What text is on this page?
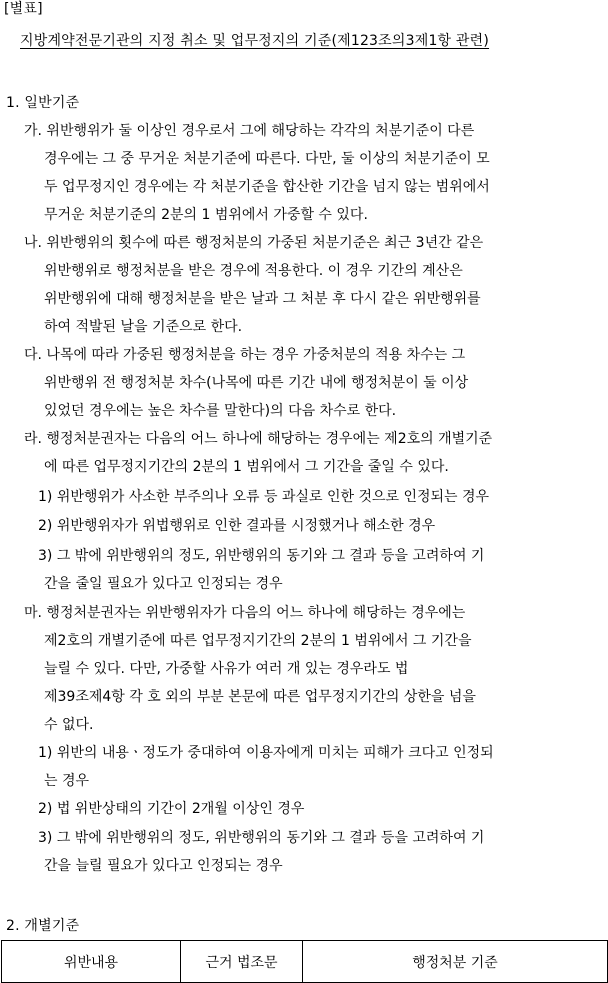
[별표]
지방계약전문기관의 지정 취소 및 업무정지의 기준(제123조의3제1항 관련)
1. 일반기준
가. 위반행위가 둘 이상인 경우로서 그에 해당하는 각각의 처분기준이 다른
경우에는 그 중 무거운 처분기준에 따른다. 다만, 둘 이상의 처분기준이 모
두 업무정지인 경우에는 각 처분기준을 합산한 기간을 넘지 않는 범위에서
무거운 처분기준의 2분의 1 범위에서 가중할 수 있다.
나. 위반행위의 횟수에 따른 행정처분의 가중된 처분기준은 최근 3년간 같은
위반행위로 행정처분을 받은 경우에 적용한다. 이 경우 기간의 계산은
위반행위에 대해 행정처분을 받은 날과 그 처분 후 다시 같은 위반행위를
하여 적발된 날을 기준으로 한다.
다. 나목에 따라 가중된 행정처분을 하는 경우 가중처분의 적용 차수는 그
위반행위 전 행정처분 차수(나목에 따른 기간 내에 행정처분이 둘 이상
있었던 경우에는 높은 차수를 말한다)의 다음 차수로 한다.
라. 행정처분권자는 다음의 어느 하나에 해당하는 경우에는 제2호의 개별기준
에 따른 업무정지기간의 2분의 1 범위에서 그 기간을 줄일 수 있다.
1) 위반행위가 사소한 부주의나 오류 등 과실로 인한 것으로 인정되는 경우
2) 위반행위자가 위법행위로 인한 결과를 시정했거나 해소한 경우
3) 그 밖에 위반행위의 정도, 위반행위의 동기와 그 결과 등을 고려하여 기
간을 줄일 필요가 있다고 인정되는 경우
마. 행정처분권자는 위반행위자가 다음의 어느 하나에 해당하는 경우에는
제2호의 개별기준에 따른 업무정지기간의 2분의 1 범위에서 그 기간을
늘릴 수 있다. 다만, 가중할 사유가 여러 개 있는 경우라도 법
제39조제4항 각 호 외의 부분 본문에 따른 업무정지기간의 상한을 넘을
수 없다.
1) 위반의 내용ㆍ정도가 중대하여 이용자에게 미치는 피해가 크다고 인정되
는 경우
2) 법 위반상태의 기간이 2개월 이상인 경우
3) 그 밖에 위반행위의 정도, 위반행위의 동기와 그 결과 등을 고려하여 기
간을 늘릴 필요가 있다고 인정되는 경우
2. 개별기준
위반내용	근거 법조문	행정처분 기준
